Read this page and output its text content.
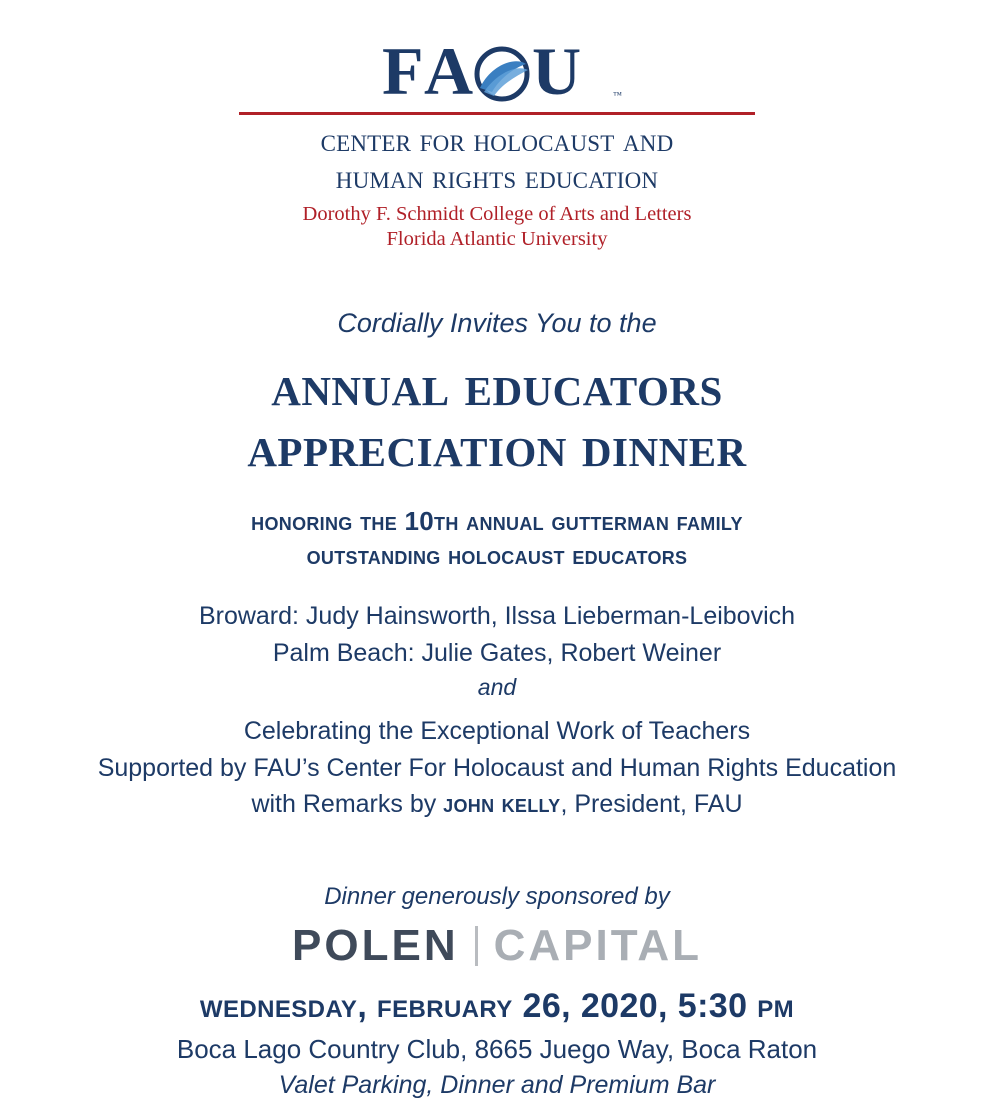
F A U	™
center for holocaust and
human rights education
Dorothy F. Schmidt College of Arts and Letters
Florida Atlantic University
Cordially Invites You to the
annual educators
appreciation dinner
honoring the 10th annual gutterman family
outstanding holocaust educators
Broward: Judy Hainsworth, Ilssa Lieberman-Leibovich
Palm Beach: Julie Gates, Robert Weiner
and
Celebrating the Exceptional Work of Teachers
Supported by FAU’s Center For Holocaust and Human Rights Education
with Remarks by john kelly, President, FAU
Dinner generously sponsored by
POLEN CAPITAL
wednesday, february 26, 2020, 5:30 pm
Boca Lago Country Club, 8665 Juego Way, Boca Raton
Valet Parking, Dinner and Premium Bar
